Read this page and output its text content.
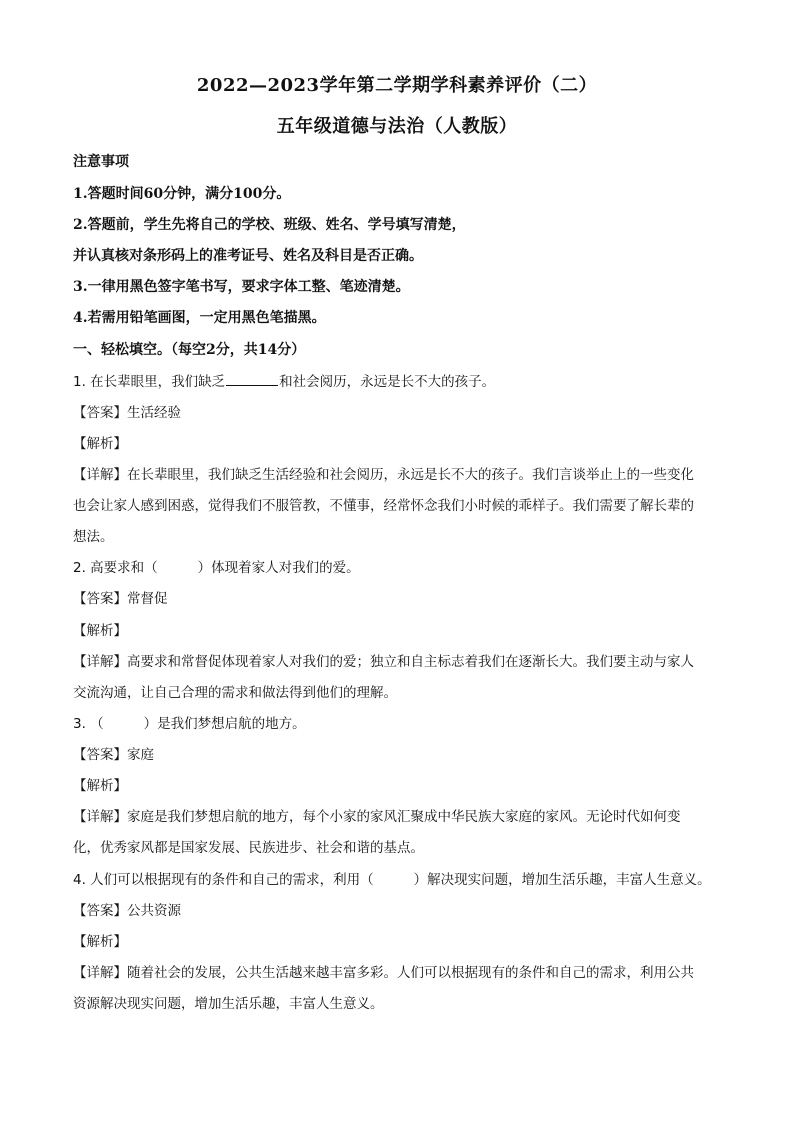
2022—2023学年第二学期学科素养评价（二）
五年级道德与法治（人教版）
注意事项
1.答题时间60分钟，满分100分。
2.答题前，学生先将自己的学校、班级、姓名、学号填写清楚，
并认真核对条形码上的准考证号、姓名及科目是否正确。
3.一律用黑色签字笔书写，要求字体工整、笔迹清楚。
4.若需用铅笔画图，一定用黑色笔描黑。
一、轻松填空。（每空2分，共14分）
1. 在长辈眼里，我们缺乏	和社会阅历，永远是长不大的孩子。
【答案】生活经验
【解析】
【详解】在长辈眼里，我们缺乏生活经验和社会阅历，永远是长不大的孩子。我们言谈举止上的一些变化
也会让家人感到困惑，觉得我们不服管教，不懂事，经常怀念我们小时候的乖样子。我们需要了解长辈的
想法。
2. 高要求和（	）体现着家人对我们的爱。
【答案】常督促
【解析】
【详解】高要求和常督促体现着家人对我们的爱；独立和自主标志着我们在逐渐长大。我们要主动与家人
交流沟通，让自己合理的需求和做法得到他们的理解。
3. （	）是我们梦想启航的地方。
【答案】家庭
【解析】
【详解】家庭是我们梦想启航的地方，每个小家的家风汇聚成中华民族大家庭的家风。无论时代如何变
化，优秀家风都是国家发展、民族进步、社会和谐的基点。
4. 人们可以根据现有的条件和自己的需求，利用（	）解决现实问题，增加生活乐趣，丰富人生意义。
【答案】公共资源
【解析】
【详解】随着社会的发展，公共生活越来越丰富多彩。人们可以根据现有的条件和自己的需求，利用公共
资源解决现实问题，增加生活乐趣，丰富人生意义。
